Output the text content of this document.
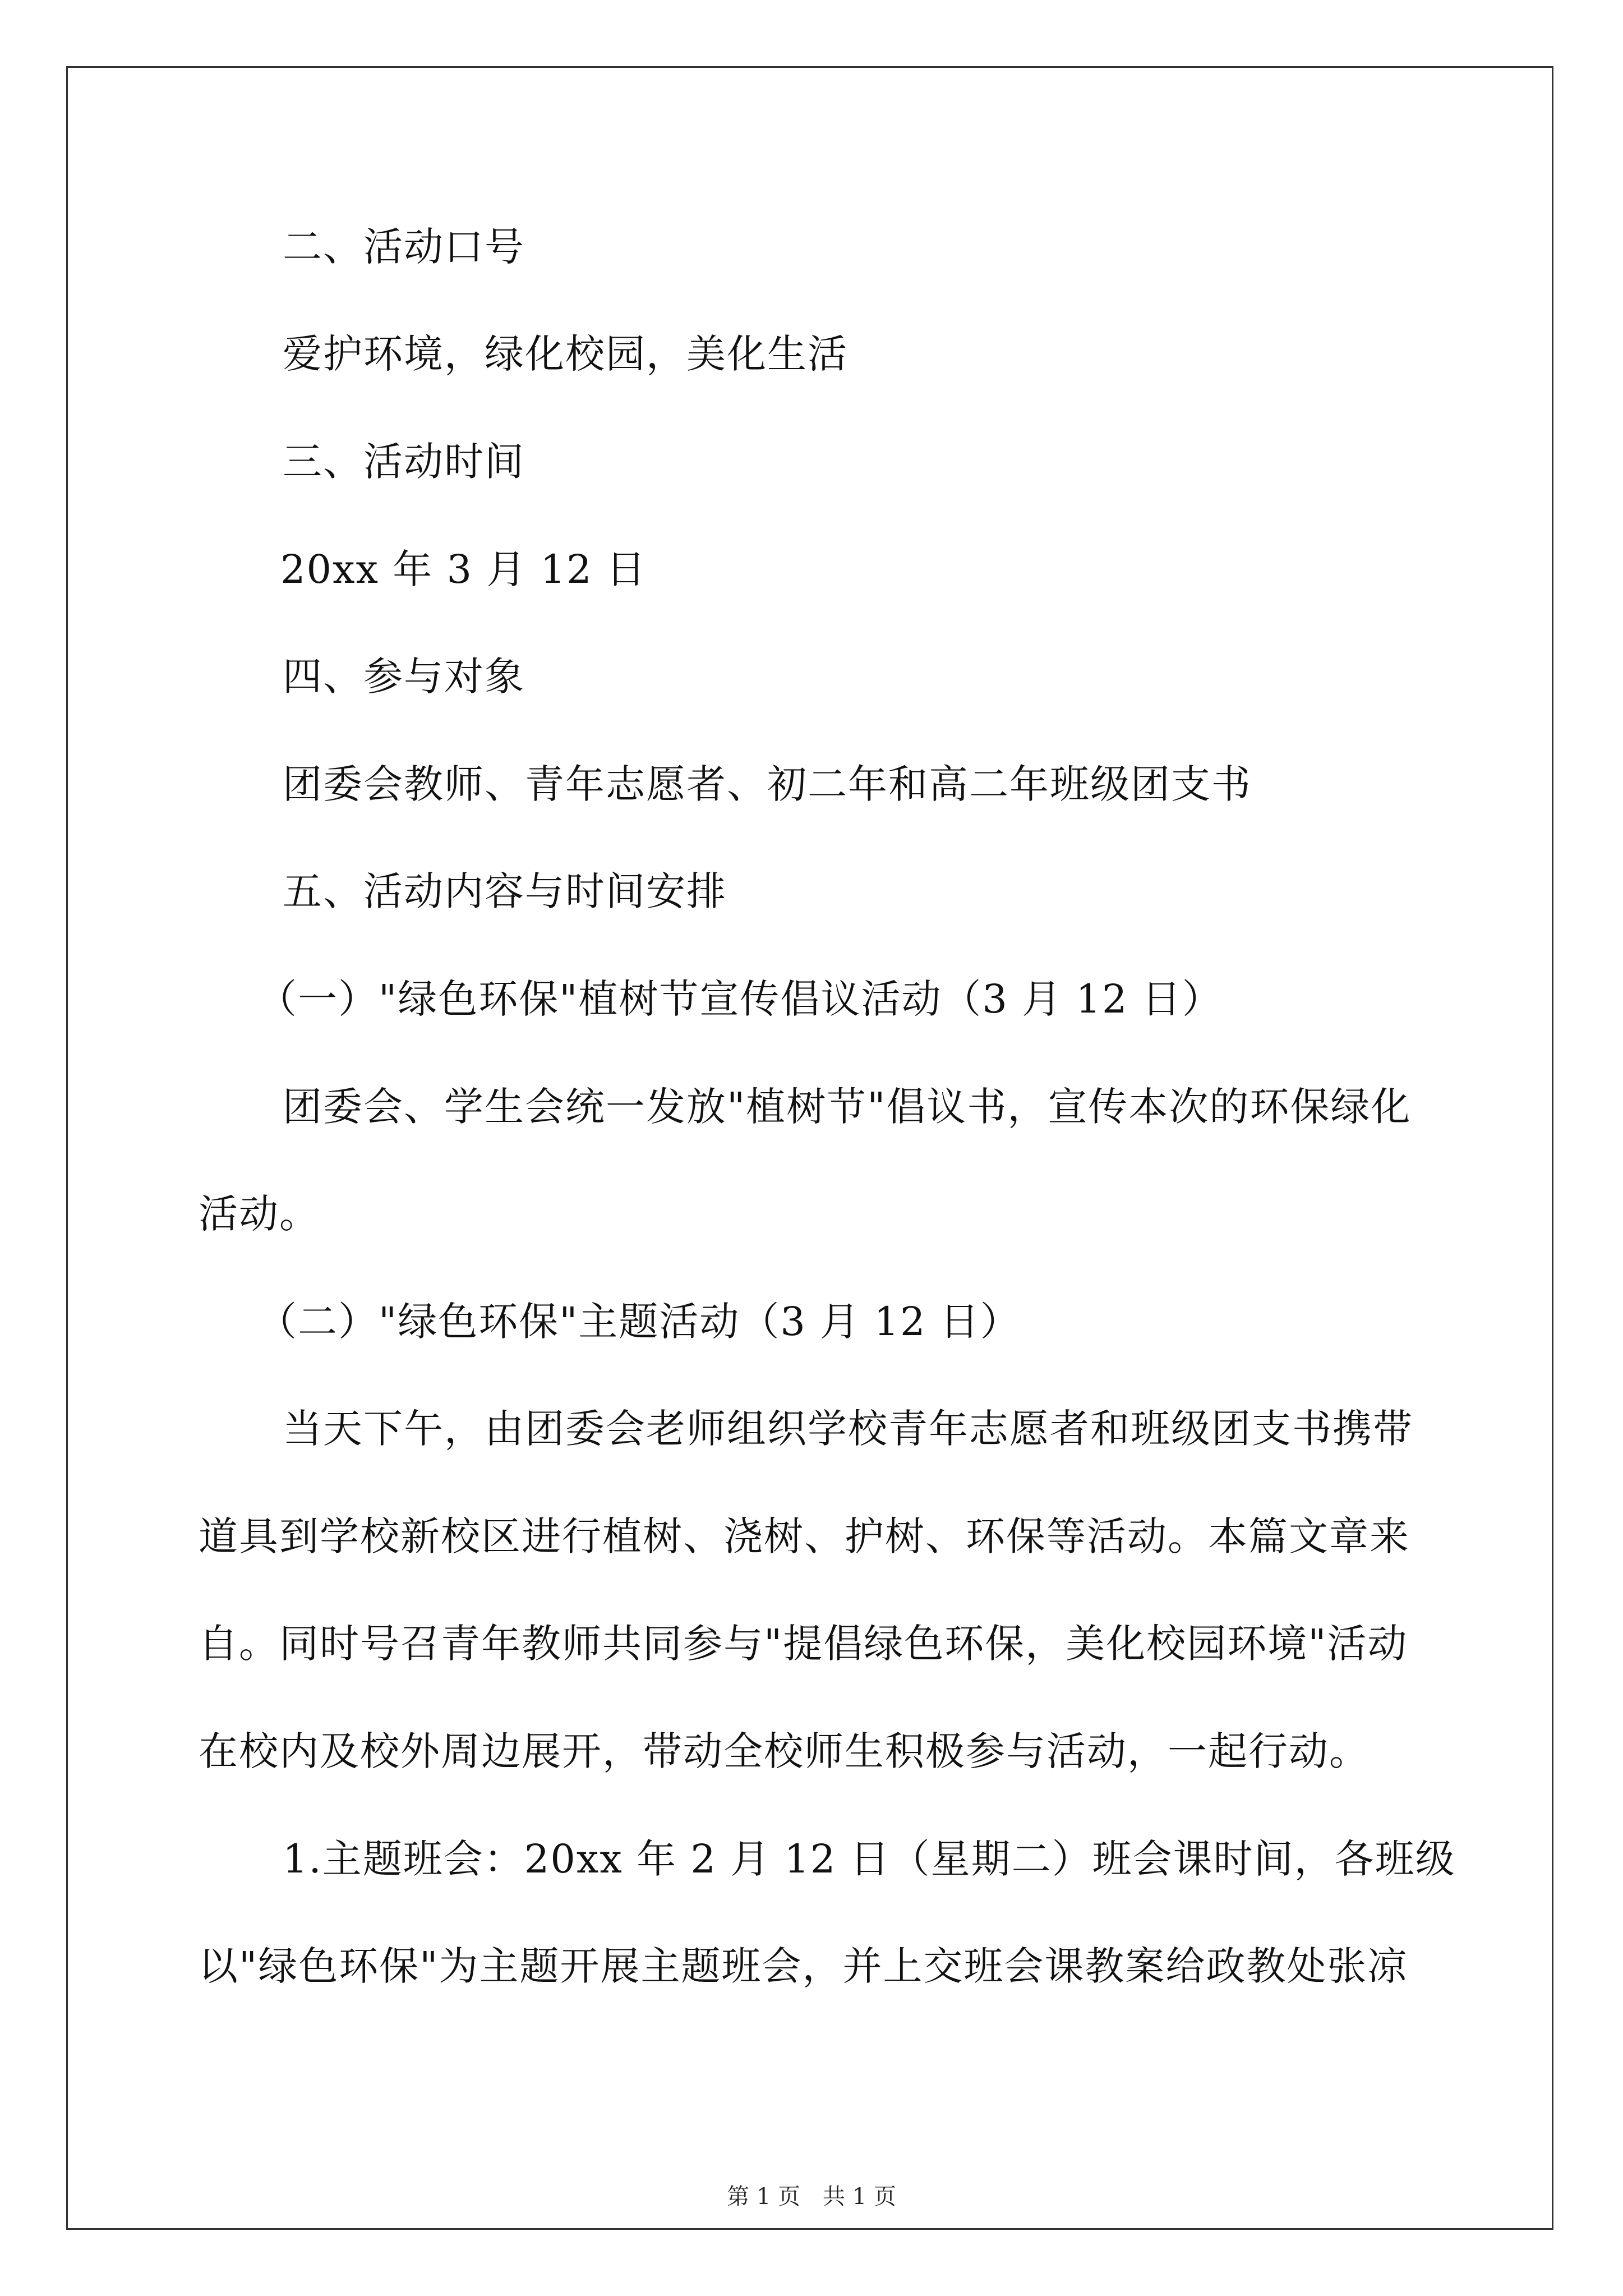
二、活动口号
爱护环境，绿化校园，美化生活
三、活动时间
20xx 年 3 月 12 日
四、参与对象
团委会教师、青年志愿者、初二年和高二年班级团支书
五、活动内容与时间安排
（一）"绿色环保"植树节宣传倡议活动（3 月 12 日）
团委会、学生会统一发放"植树节"倡议书，宣传本次的环保绿化
活动。
（二）"绿色环保"主题活动（3 月 12 日）
当天下午，由团委会老师组织学校青年志愿者和班级团支书携带
道具到学校新校区进行植树、浇树、护树、环保等活动。本篇文章来
自。同时号召青年教师共同参与"提倡绿色环保，美化校园环境"活动
在校内及校外周边展开，带动全校师生积极参与活动，一起行动。
1.主题班会：20xx 年 2 月 12 日（星期二）班会课时间，各班级
以"绿色环保"为主题开展主题班会，并上交班会课教案给政教处张凉
第 1 页　共 1 页
